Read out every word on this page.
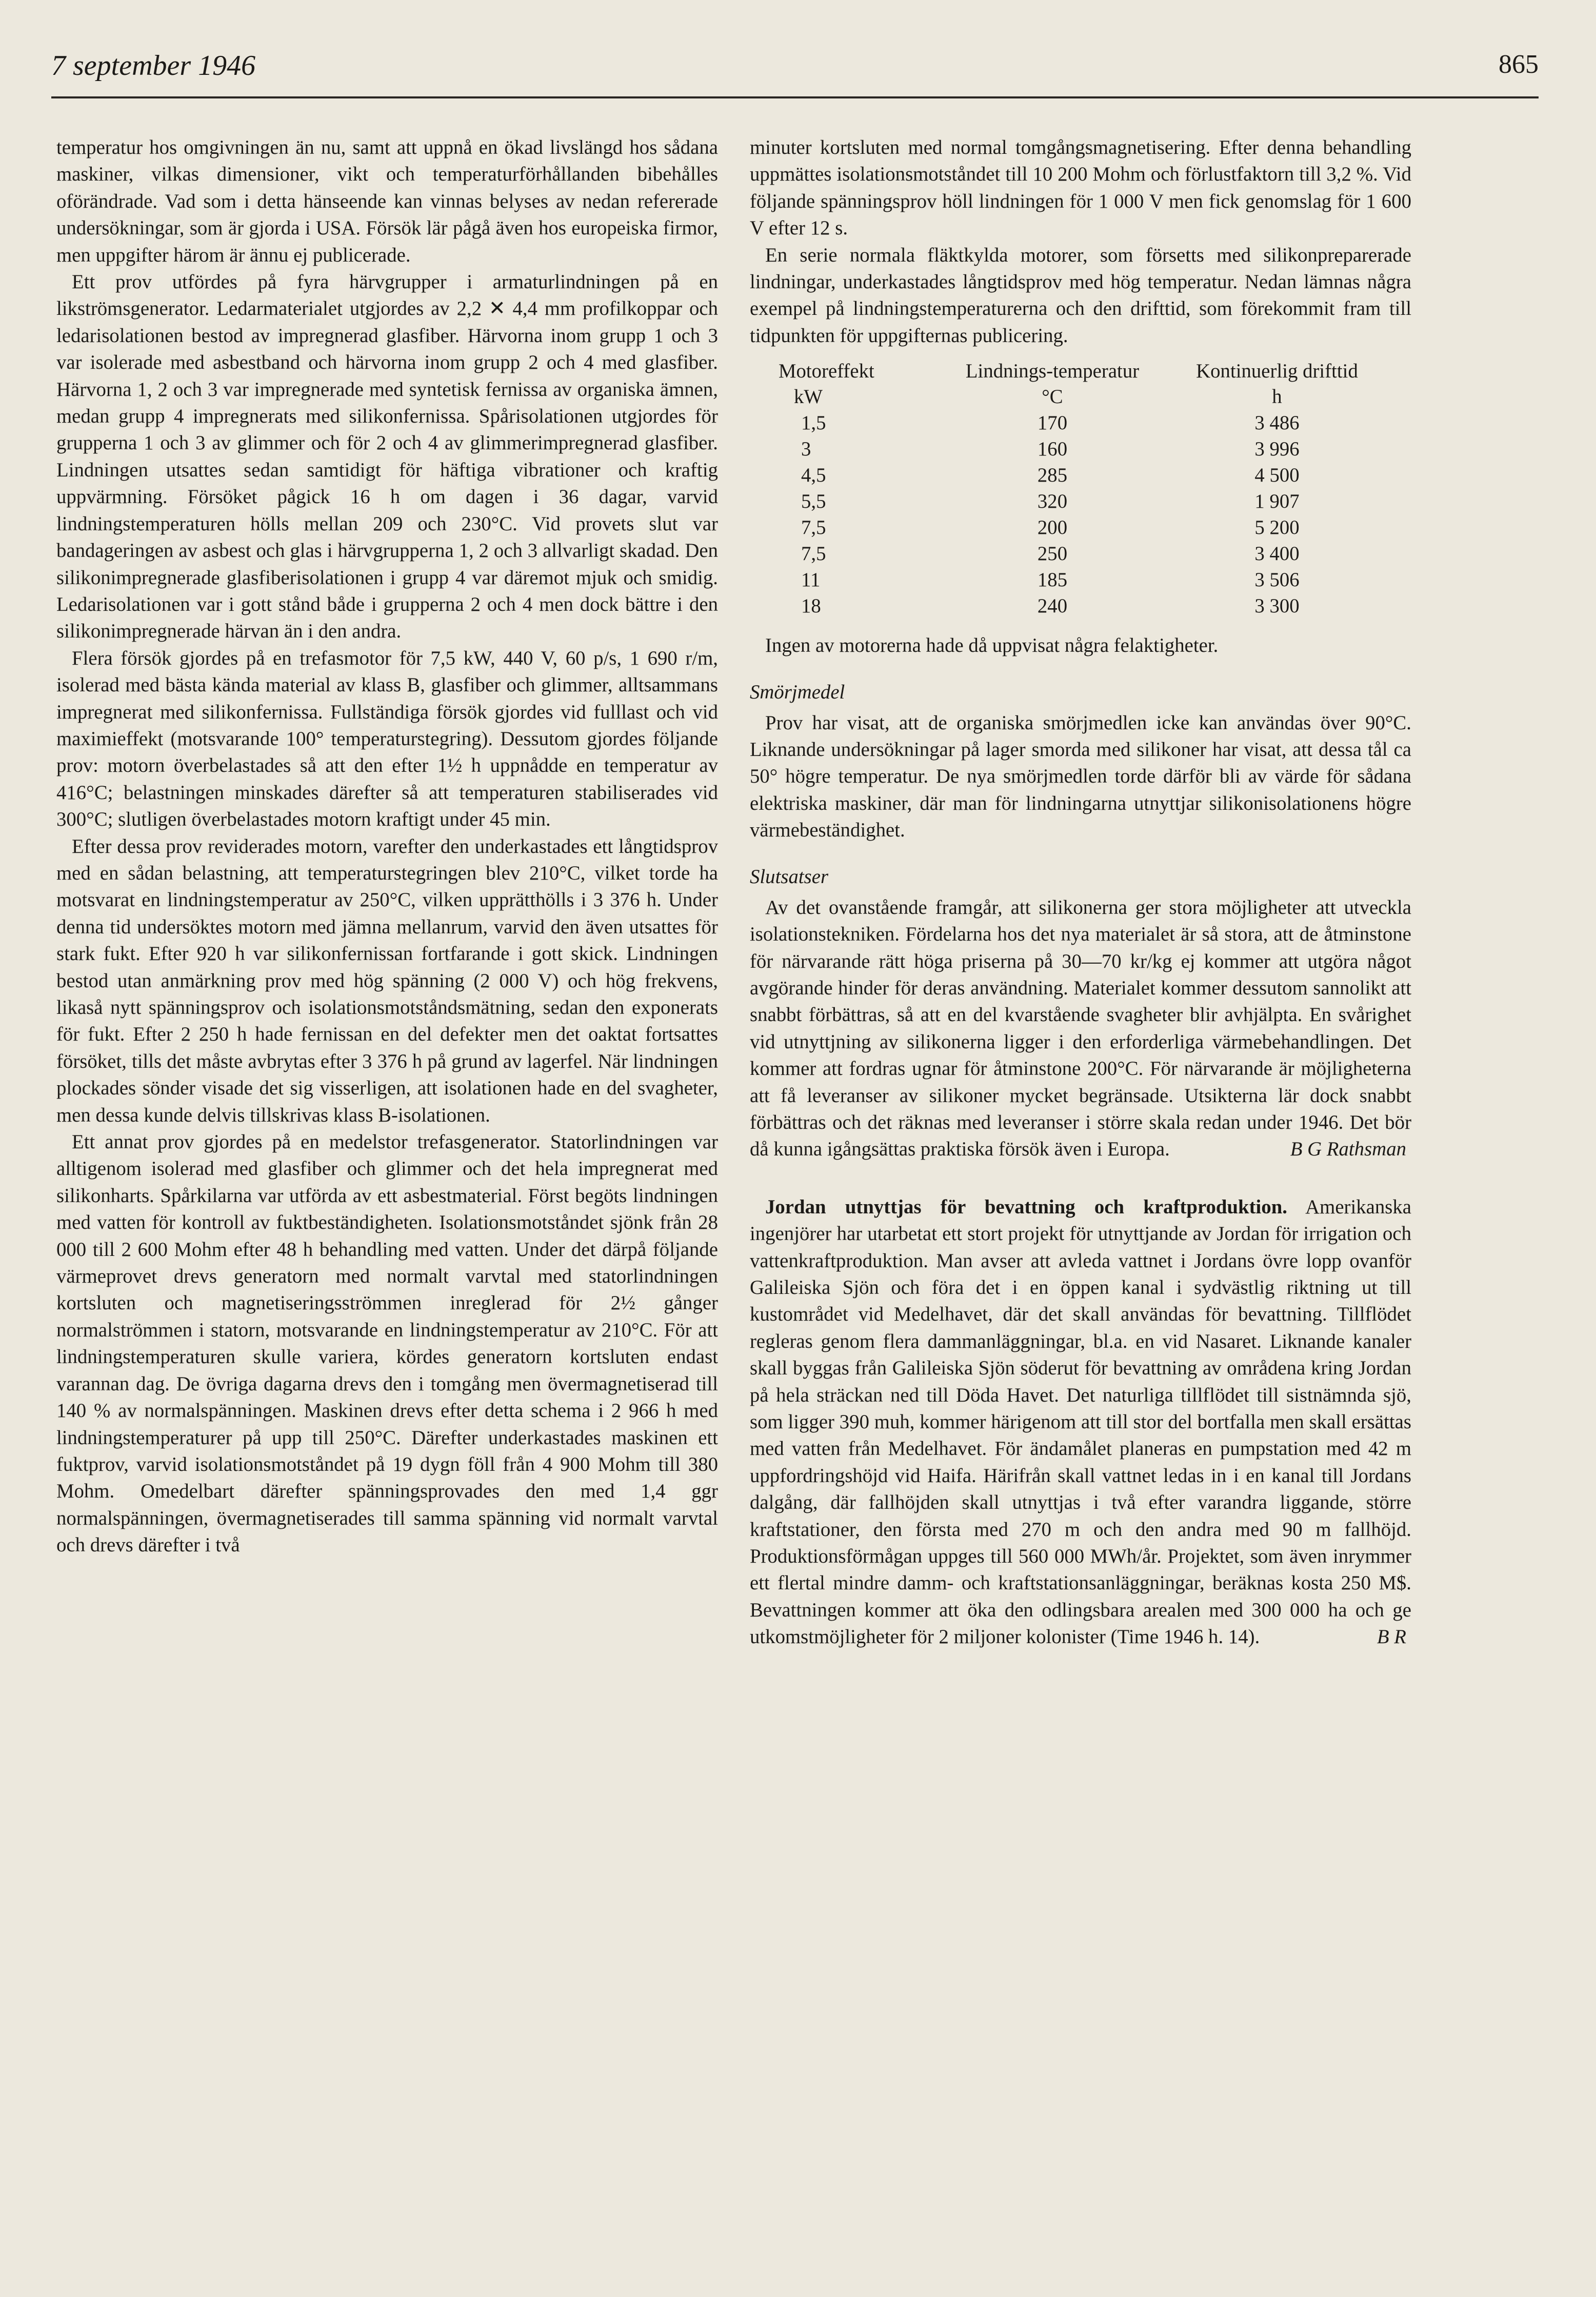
7 september 1946	865

temperatur hos omgivningen än nu, samt att uppnå en ökad livslängd hos sådana maskiner, vilkas dimensioner, vikt och temperaturförhållanden bibehålles oförändrade. Vad som i detta hänseende kan vinnas belyses av nedan refererade undersökningar, som är gjorda i USA. Försök lär pågå även hos europeiska firmor, men uppgifter härom är ännu ej publicerade.

Ett prov utfördes på fyra härvgrupper i armaturlindningen på en likströmsgenerator. Ledarmaterialet utgjordes av 2,2 ✕ 4,4 mm profilkoppar och ledarisolationen bestod av impregnerad glasfiber. Härvorna inom grupp 1 och 3 var isolerade med asbestband och härvorna inom grupp 2 och 4 med glasfiber. Härvorna 1, 2 och 3 var impregnerade med syntetisk fernissa av organiska ämnen, medan grupp 4 impregnerats med silikonfernissa. Spårisolationen utgjordes för grupperna 1 och 3 av glimmer och för 2 och 4 av glimmerimpregnerad glasfiber. Lindningen utsattes sedan samtidigt för häftiga vibrationer och kraftig uppvärmning. Försöket pågick 16 h om dagen i 36 dagar, varvid lindningstemperaturen hölls mellan 209 och 230°C. Vid provets slut var bandageringen av asbest och glas i härvgrupperna 1, 2 och 3 allvarligt skadad. Den silikonimpregnerade glasfiberisolationen i grupp 4 var däremot mjuk och smidig. Ledarisolationen var i gott stånd både i grupperna 2 och 4 men dock bättre i den silikonimpregnerade härvan än i den andra.

Flera försök gjordes på en trefasmotor för 7,5 kW, 440 V, 60 p/s, 1 690 r/m, isolerad med bästa kända material av klass B, glasfiber och glimmer, alltsammans impregnerat med silikonfernissa. Fullständiga försök gjordes vid fulllast och vid maximieffekt (motsvarande 100° temperaturstegring). Dessutom gjordes följande prov: motorn överbelastades så att den efter 1½ h uppnådde en temperatur av 416°C; belastningen minskades därefter så att temperaturen stabiliserades vid 300°C; slutligen överbelastades motorn kraftigt under 45 min.

Efter dessa prov reviderades motorn, varefter den underkastades ett långtidsprov med en sådan belastning, att temperaturstegringen blev 210°C, vilket torde ha motsvarat en lindningstemperatur av 250°C, vilken upprätthölls i 3 376 h. Under denna tid undersöktes motorn med jämna mellanrum, varvid den även utsattes för stark fukt. Efter 920 h var silikonfernissan fortfarande i gott skick. Lindningen bestod utan anmärkning prov med hög spänning (2 000 V) och hög frekvens, likaså nytt spänningsprov och isolationsmotståndsmätning, sedan den exponerats för fukt. Efter 2 250 h hade fernissan en del defekter men det oaktat fortsattes försöket, tills det måste avbrytas efter 3 376 h på grund av lagerfel. När lindningen plockades sönder visade det sig visserligen, att isolationen hade en del svagheter, men dessa kunde delvis tillskrivas klass B-isolationen.

Ett annat prov gjordes på en medelstor trefasgenerator. Statorlindningen var alltigenom isolerad med glasfiber och glimmer och det hela impregnerat med silikonharts. Spårkilarna var utförda av ett asbestmaterial. Först begöts lindningen med vatten för kontroll av fuktbeständigheten. Isolationsmotståndet sjönk från 28 000 till 2 600 Mohm efter 48 h behandling med vatten. Under det därpå följande värmeprovet drevs generatorn med normalt varvtal med statorlindningen kortsluten och magnetiseringsströmmen inreglerad för 2½ gånger normalströmmen i statorn, motsvarande en lindningstemperatur av 210°C. För att lindningstemperaturen skulle variera, kördes generatorn kortsluten endast varannan dag. De övriga dagarna drevs den i tomgång men övermagnetiserad till 140 % av normalspänningen. Maskinen drevs efter detta schema i 2 966 h med lindningstemperaturer på upp till 250°C. Därefter underkastades maskinen ett fuktprov, varvid isolationsmotståndet på 19 dygn föll från 4 900 Mohm till 380 Mohm. Omedelbart därefter spänningsprovades den med 1,4 ggr normalspänningen, övermagnetiserades till samma spänning vid normalt varvtal och drevs därefter i två

minuter kortsluten med normal tomgångsmagnetisering. Efter denna behandling uppmättes isolationsmotståndet till 10 200 Mohm och förlustfaktorn till 3,2 %. Vid följande spänningsprov höll lindningen för 1 000 V men fick genomslag för 1 600 V efter 12 s.

En serie normala fläktkylda motorer, som försetts med silikonpreparerade lindningar, underkastades långtidsprov med hög temperatur. Nedan lämnas några exempel på lindningstemperaturerna och den drifttid, som förekommit fram till tidpunkten för uppgifternas publicering.

Motoreffekt	Lindnings-temperatur	Kontinuerlig drifttid
kW	°C	h
1,5	170	3 486
3	160	3 996
4,5	285	4 500
5,5	320	1 907
7,5	200	5 200
7,5	250	3 400
11	185	3 506
18	240	3 300

Ingen av motorerna hade då uppvisat några felaktigheter.

Smörjmedel

Prov har visat, att de organiska smörjmedlen icke kan användas över 90°C. Liknande undersökningar på lager smorda med silikoner har visat, att dessa tål ca 50° högre temperatur. De nya smörjmedlen torde därför bli av värde för sådana elektriska maskiner, där man för lindningarna utnyttjar silikonisolationens högre värmebeständighet.

Slutsatser

Av det ovanstående framgår, att silikonerna ger stora möjligheter att utveckla isolationstekniken. Fördelarna hos det nya materialet är så stora, att de åtminstone för närvarande rätt höga priserna på 30—70 kr/kg ej kommer att utgöra något avgörande hinder för deras användning. Materialet kommer dessutom sannolikt att snabbt förbättras, så att en del kvarstående svagheter blir avhjälpta. En svårighet vid utnyttjning av silikonerna ligger i den erforderliga värmebehandlingen. Det kommer att fordras ugnar för åtminstone 200°C. För närvarande är möjligheterna att få leveranser av silikoner mycket begränsade. Utsikterna lär dock snabbt förbättras och det räknas med leveranser i större skala redan under 1946. Det bör då kunna igångsättas praktiska försök även i Europa.	B G Rathsman

Jordan utnyttjas för bevattning och kraftproduktion. Amerikanska ingenjörer har utarbetat ett stort projekt för utnyttjande av Jordan för irrigation och vattenkraftproduktion. Man avser att avleda vattnet i Jordans övre lopp ovanför Galileiska Sjön och föra det i en öppen kanal i sydvästlig riktning ut till kustområdet vid Medelhavet, där det skall användas för bevattning. Tillflödet regleras genom flera dammanläggningar, bl.a. en vid Nasaret. Liknande kanaler skall byggas från Galileiska Sjön söderut för bevattning av områdena kring Jordan på hela sträckan ned till Döda Havet. Det naturliga tillflödet till sistnämnda sjö, som ligger 390 muh, kommer härigenom att till stor del bortfalla men skall ersättas med vatten från Medelhavet. För ändamålet planeras en pumpstation med 42 m uppfordringshöjd vid Haifa. Härifrån skall vattnet ledas in i en kanal till Jordans dalgång, där fallhöjden skall utnyttjas i två efter varandra liggande, större kraftstationer, den första med 270 m och den andra med 90 m fallhöjd. Produktionsförmågan uppges till 560 000 MWh/år. Projektet, som även inrymmer ett flertal mindre damm- och kraftstationsanläggningar, beräknas kosta 250 M$. Bevattningen kommer att öka den odlingsbara arealen med 300 000 ha och ge utkomstmöjligheter för 2 miljoner kolonister (Time 1946 h. 14).	B R
